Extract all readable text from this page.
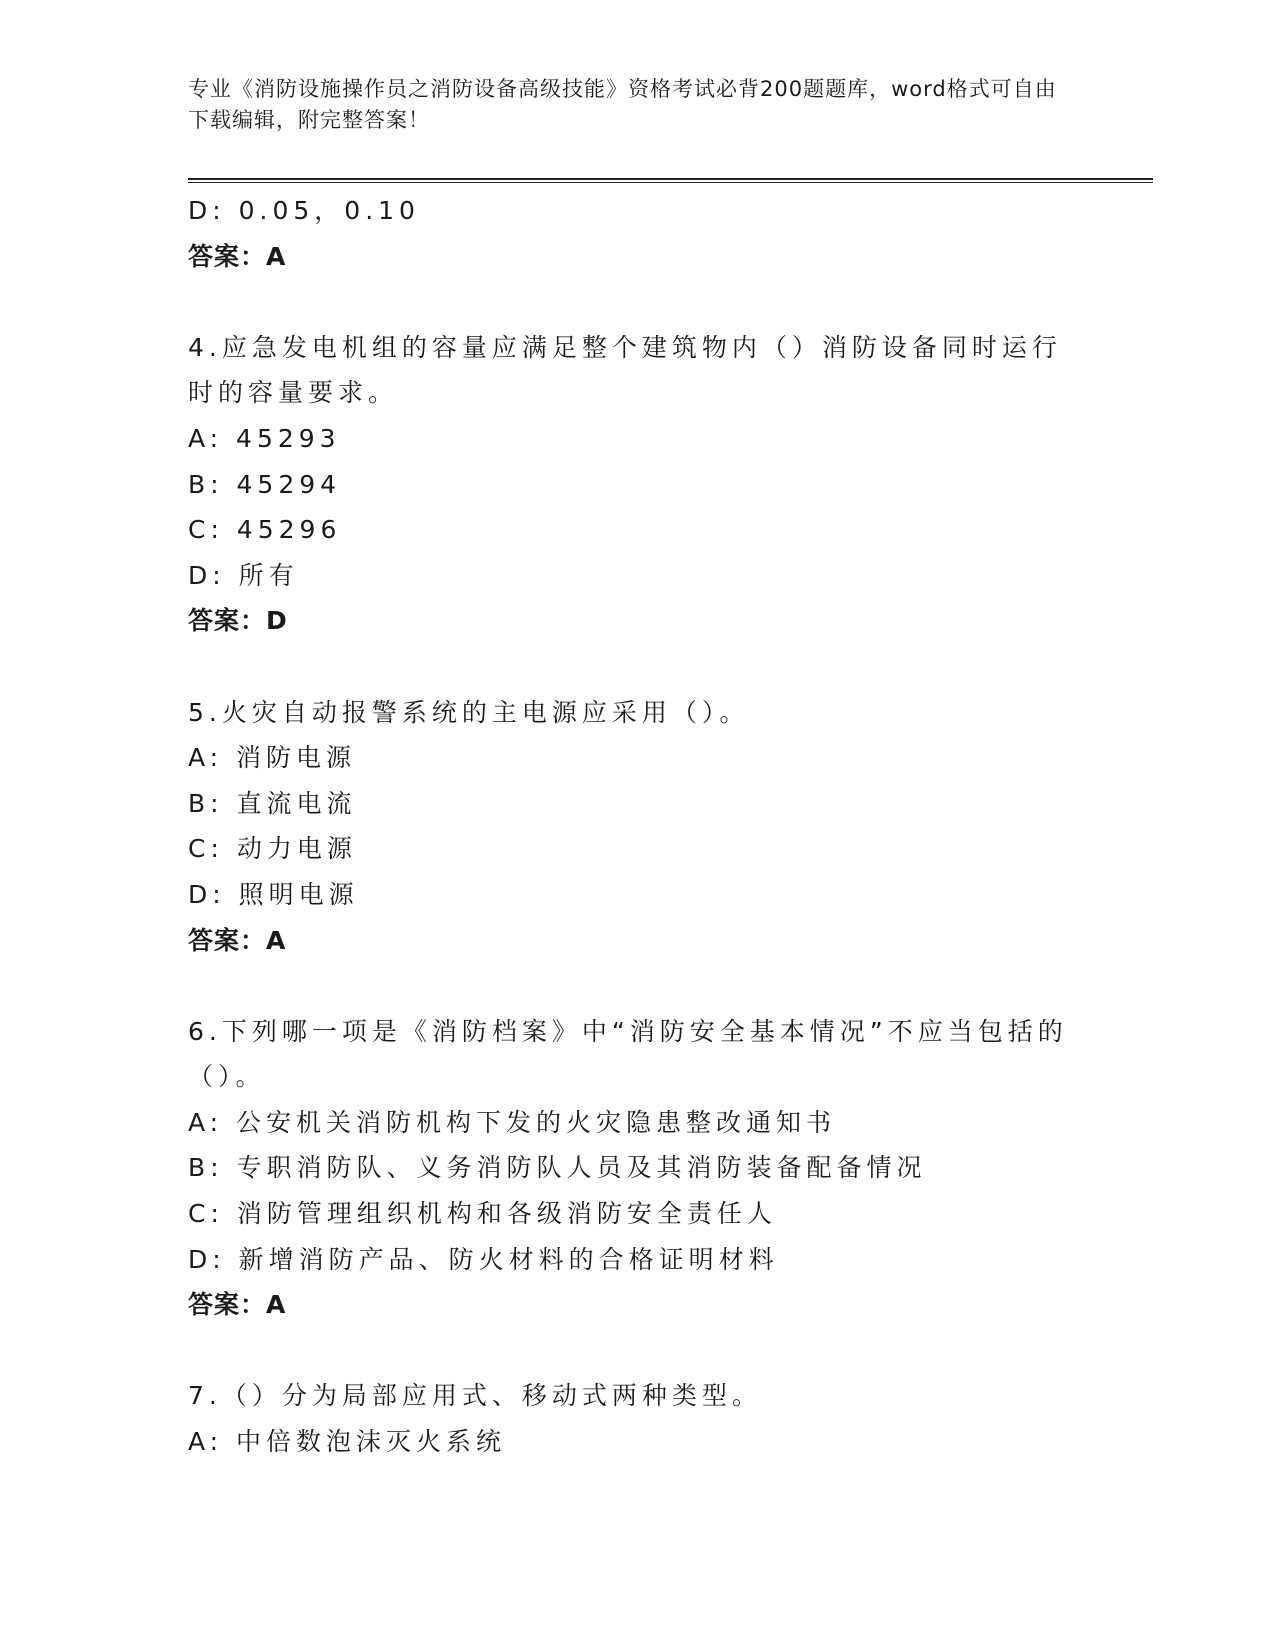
专业《消防设施操作员之消防设备高级技能》资格考试必背200题题库，word格式可自由下载编辑，附完整答案！
D: 0.05，0.10
答案：A
4.应急发电机组的容量应满足整个建筑物内（）消防设备同时运行时的容量要求。
A: 45293
B: 45294
C: 45296
D: 所有
答案：D
5.火灾自动报警系统的主电源应采用（）。
A: 消防电源
B: 直流电流
C: 动力电源
D: 照明电源
答案：A
6.下列哪一项是《消防档案》中“消防安全基本情况”不应当包括的（）。
A: 公安机关消防机构下发的火灾隐患整改通知书
B: 专职消防队、义务消防队人员及其消防装备配备情况
C: 消防管理组织机构和各级消防安全责任人
D: 新增消防产品、防火材料的合格证明材料
答案：A
7.（）分为局部应用式、移动式两种类型。
A: 中倍数泡沫灭火系统
